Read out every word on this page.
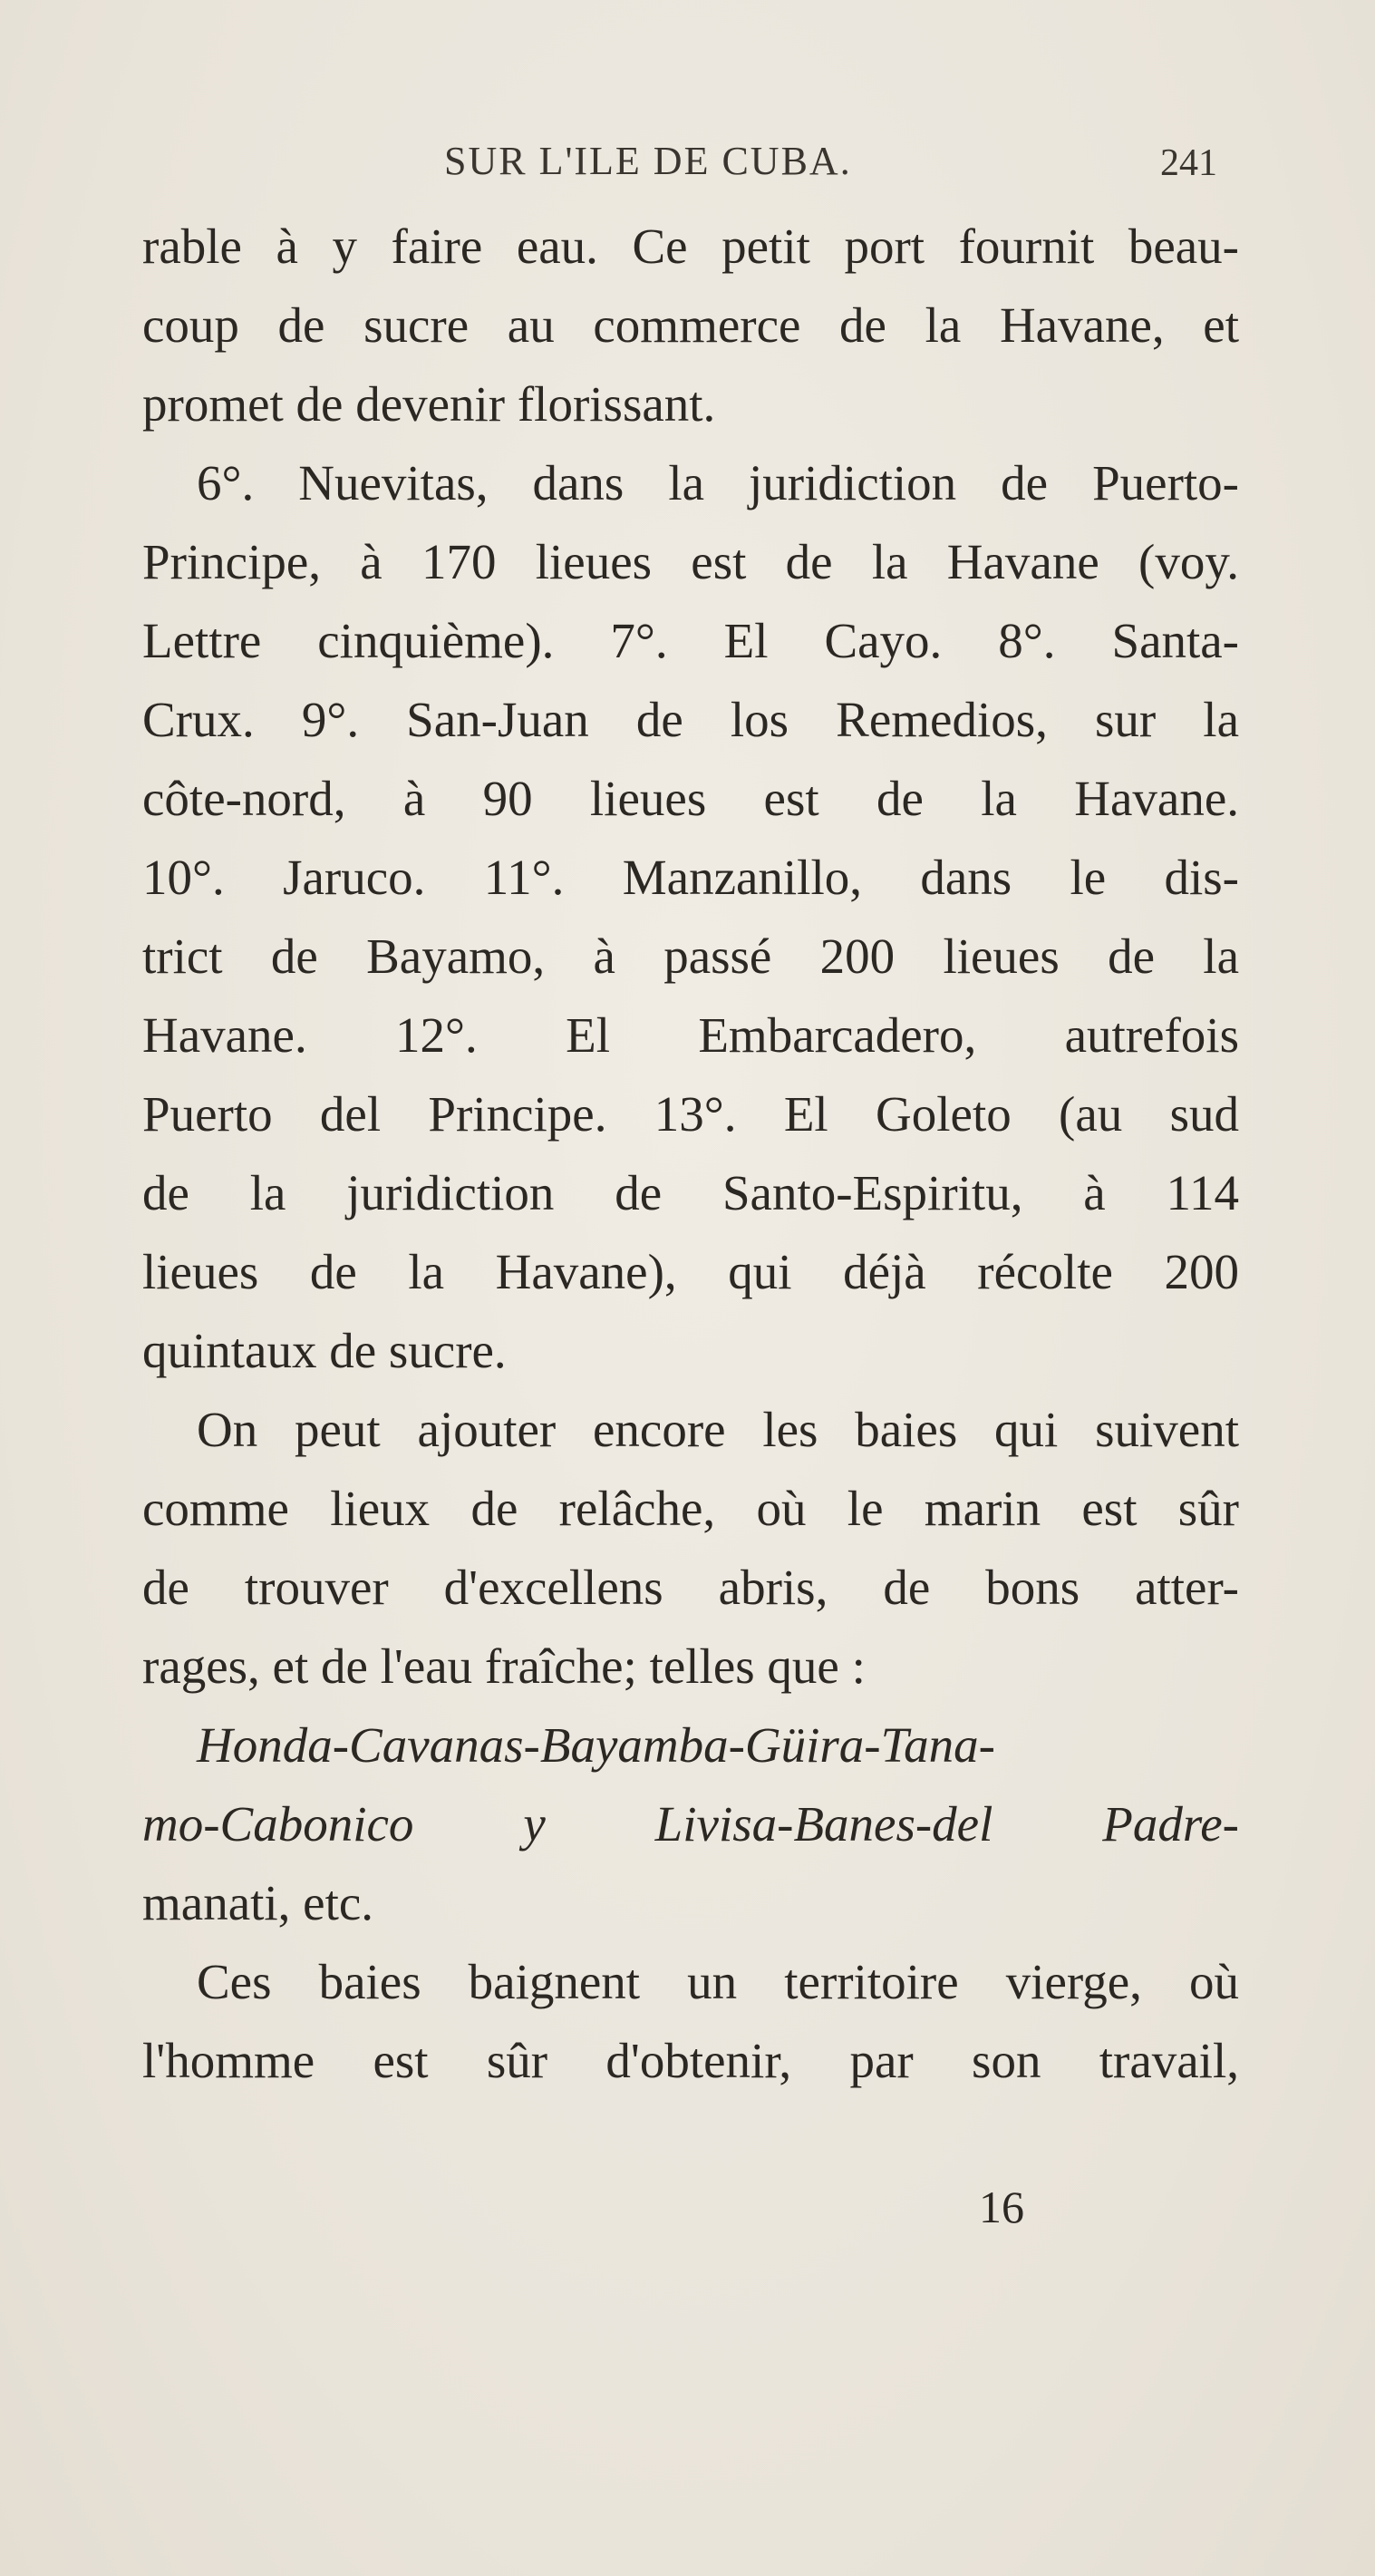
SUR L'ILE DE CUBA.	241
rable à y faire eau. Ce petit port fournit beau-
coup de sucre au commerce de la Havane, et
promet de devenir florissant.
6°. Nuevitas, dans la juridiction de Puerto-
Principe, à 170 lieues est de la Havane (voy.
Lettre cinquième). 7°. El Cayo. 8°. Santa-
Crux. 9°. San-Juan de los Remedios, sur la
côte-nord, à 90 lieues est de la Havane.
10°. Jaruco. 11°. Manzanillo, dans le dis-
trict de Bayamo, à passé 200 lieues de la
Havane. 12°. El Embarcadero, autrefois
Puerto del Principe. 13°. El Goleto (au sud
de la juridiction de Santo-Espiritu, à 114
lieues de la Havane), qui déjà récolte 200
quintaux de sucre.
On peut ajouter encore les baies qui suivent
comme lieux de relâche, où le marin est sûr
de trouver d'excellens abris, de bons atter-
rages, et de l'eau fraîche; telles que :
Honda-Cavanas-Bayamba-Güira-Tana-
mo-Cabonico y Livisa-Banes-del Padre-
manati, etc.
Ces baies baignent un territoire vierge, où
l'homme est sûr d'obtenir, par son travail,
16
